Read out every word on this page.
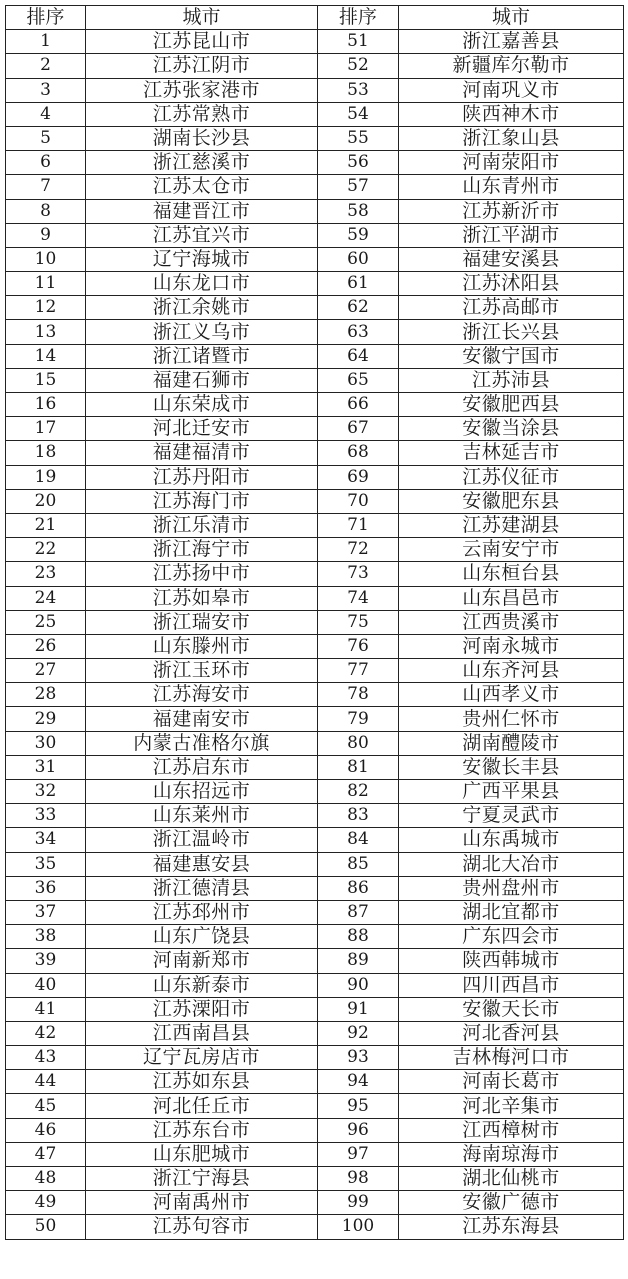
排序	城市	排序	城市
1	江苏昆山市	51	浙江嘉善县
2	江苏江阴市	52	新疆库尔勒市
3	江苏张家港市	53	河南巩义市
4	江苏常熟市	54	陕西神木市
5	湖南长沙县	55	浙江象山县
6	浙江慈溪市	56	河南荥阳市
7	江苏太仓市	57	山东青州市
8	福建晋江市	58	江苏新沂市
9	江苏宜兴市	59	浙江平湖市
10	辽宁海城市	60	福建安溪县
11	山东龙口市	61	江苏沭阳县
12	浙江余姚市	62	江苏高邮市
13	浙江义乌市	63	浙江长兴县
14	浙江诸暨市	64	安徽宁国市
15	福建石狮市	65	江苏沛县
16	山东荣成市	66	安徽肥西县
17	河北迁安市	67	安徽当涂县
18	福建福清市	68	吉林延吉市
19	江苏丹阳市	69	江苏仪征市
20	江苏海门市	70	安徽肥东县
21	浙江乐清市	71	江苏建湖县
22	浙江海宁市	72	云南安宁市
23	江苏扬中市	73	山东桓台县
24	江苏如皋市	74	山东昌邑市
25	浙江瑞安市	75	江西贵溪市
26	山东滕州市	76	河南永城市
27	浙江玉环市	77	山东齐河县
28	江苏海安市	78	山西孝义市
29	福建南安市	79	贵州仁怀市
30	内蒙古准格尔旗	80	湖南醴陵市
31	江苏启东市	81	安徽长丰县
32	山东招远市	82	广西平果县
33	山东莱州市	83	宁夏灵武市
34	浙江温岭市	84	山东禹城市
35	福建惠安县	85	湖北大冶市
36	浙江德清县	86	贵州盘州市
37	江苏邳州市	87	湖北宜都市
38	山东广饶县	88	广东四会市
39	河南新郑市	89	陕西韩城市
40	山东新泰市	90	四川西昌市
41	江苏溧阳市	91	安徽天长市
42	江西南昌县	92	河北香河县
43	辽宁瓦房店市	93	吉林梅河口市
44	江苏如东县	94	河南长葛市
45	河北任丘市	95	河北辛集市
46	江苏东台市	96	江西樟树市
47	山东肥城市	97	海南琼海市
48	浙江宁海县	98	湖北仙桃市
49	河南禹州市	99	安徽广德市
50	江苏句容市	100	江苏东海县
